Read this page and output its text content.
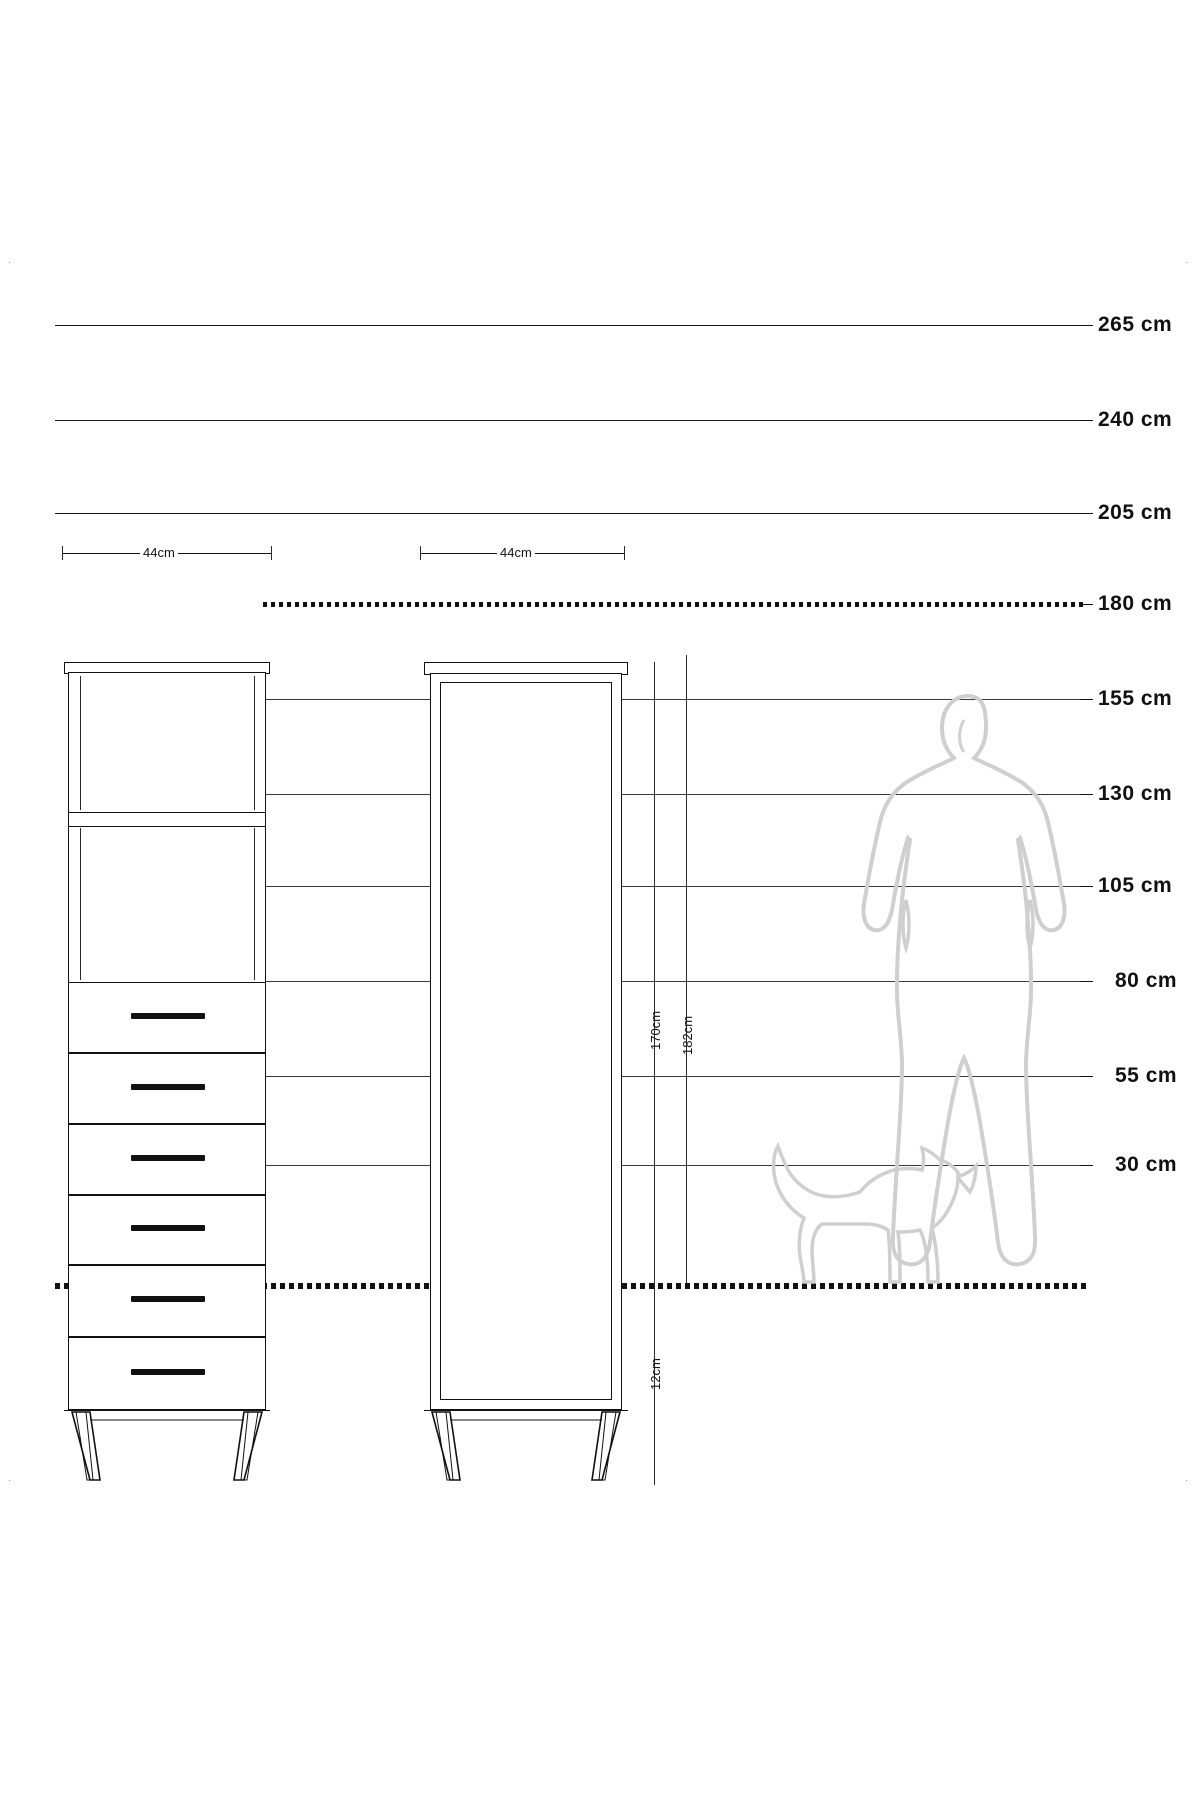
·	·
·	·
265 cm
240 cm
205 cm
180 cm
155 cm
130 cm
105 cm
80 cm
55 cm
30 cm
44cm	44cm
170cm 182cm
12cm
